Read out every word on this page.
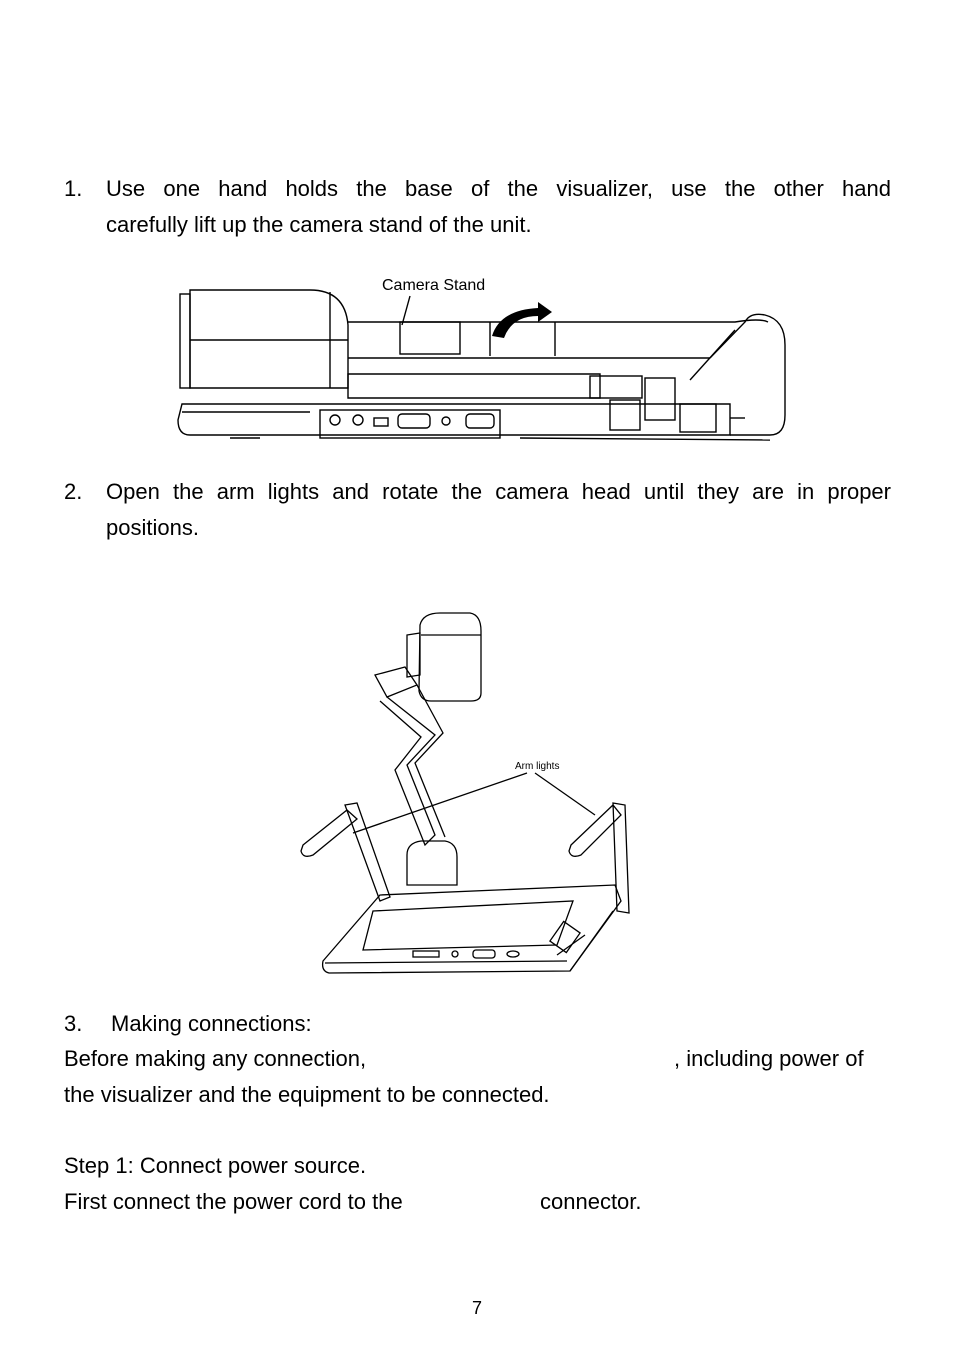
1. Use one hand holds the base of the visualizer, use the other hand
carefully lift up the camera stand of the unit.
Camera Stand
2. Open the arm lights and rotate the camera head until they are in proper
positions.
Arm lights
3. Making connections:
Before making any connection,	, including power of
the visualizer and the equipment to be connected.
Step 1: Connect power source.
First connect the power cord to the	connector.
7
